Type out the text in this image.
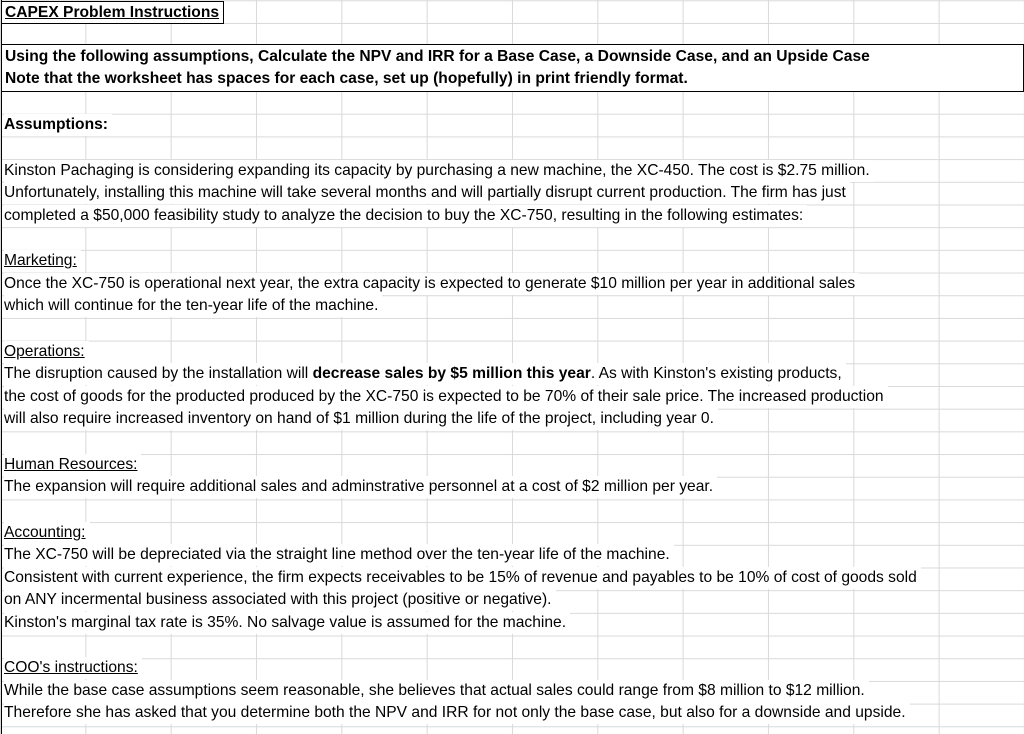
CAPEX Problem Instructions
Using the following assumptions, Calculate the NPV and IRR for a Base Case, a Downside Case, and an Upside Case
Note that the worksheet has spaces for each case, set up (hopefully) in print friendly format.
Assumptions:
Kinston Pachaging is considering expanding its capacity by purchasing a new machine, the XC-450. The cost is $2.75 million.
Unfortunately, installing this machine will take several months and will partially disrupt current production. The firm has just
completed a $50,000 feasibility study to analyze the decision to buy the XC-750, resulting in the following estimates:
Marketing:
Once the XC-750 is operational next year, the extra capacity is expected to generate $10 million per year in additional sales
which will continue for the ten-year life of the machine.
Operations:
The disruption caused by the installation will decrease sales by $5 million this year. As with Kinston's existing products,
the cost of goods for the producted produced by the XC-750 is expected to be 70% of their sale price. The increased production
will also require increased inventory on hand of $1 million during the life of the project, including year 0.
Human Resources:
The expansion will require additional sales and adminstrative personnel at a cost of $2 million per year.
Accounting:
The XC-750 will be depreciated via the straight line method over the ten-year life of the machine.
Consistent with current experience, the firm expects receivables to be 15% of revenue and payables to be 10% of cost of goods sold
on ANY incermental business associated with this project (positive or negative).
Kinston's marginal tax rate is 35%. No salvage value is assumed for the machine.
COO's instructions:
While the base case assumptions seem reasonable, she believes that actual sales could range from $8 million to $12 million.
Therefore she has asked that you determine both the NPV and IRR for not only the base case, but also for a downside and upside.
